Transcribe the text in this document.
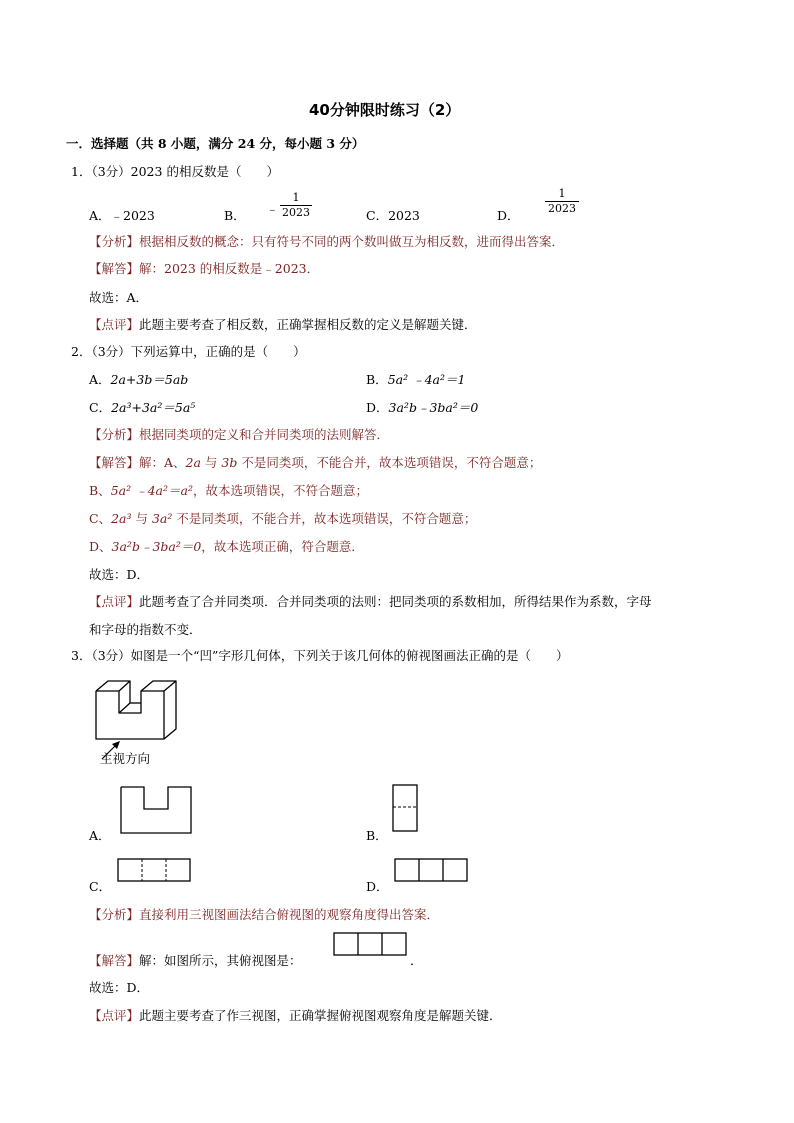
40分钟限时练习（2）
一．选择题（共 8 小题，满分 24 分，每小题 3 分）
1．（3分）2023 的相反数是（　　）
A．﹣2023	B． ﹣
1
2023	C．2023	D．
1
2023
【分析】根据相反数的概念：只有符号不同的两个数叫做互为相反数，进而得出答案．
【解答】解：2023 的相反数是﹣2023．
故选：A．
【点评】此题主要考查了相反数，正确掌握相反数的定义是解题关键．
2．（3分）下列运算中，正确的是（　　）
A．2a+3b＝5ab	B．5a² ﹣4a²＝1
C．2a³+3a²＝5a⁵	D．3a²b﹣3ba²＝0
【分析】根据同类项的定义和合并同类项的法则解答．
【解答】解：A、2a 与 3b 不是同类项，不能合并，故本选项错误，不符合题意；
B、5a² ﹣4a²＝a²，故本选项错误，不符合题意；
C、2a³ 与 3a² 不是同类项，不能合并，故本选项错误，不符合题意；
D、3a²b﹣3ba²＝0，故本选项正确，符合题意．
故选：D．
【点评】此题考查了合并同类项．合并同类项的法则：把同类项的系数相加，所得结果作为系数，字母
和字母的指数不变．
3．（3分）如图是一个“凹”字形几何体，下列关于该几何体的俯视图画法正确的是（　　）
主视方向
A．	B．
C．	D．
【分析】直接利用三视图画法结合俯视图的观察角度得出答案．
【解答】解：如图所示，其俯视图是：	．
故选：D．
【点评】此题主要考查了作三视图，正确掌握俯视图观察角度是解题关键．
